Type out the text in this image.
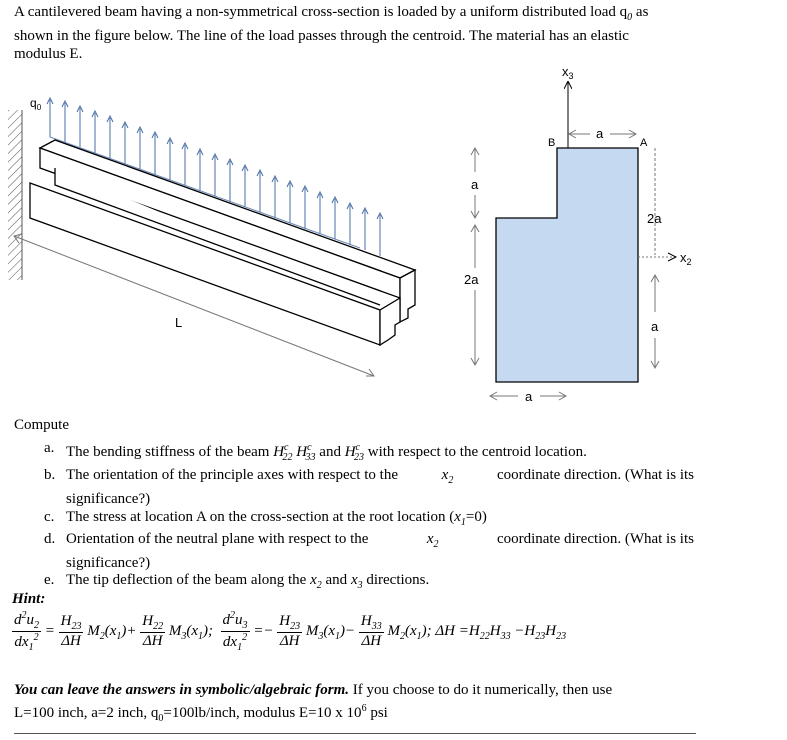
A cantilevered beam having a non-symmetrical cross-section is loaded by a uniform distributed load $q_0$ as
shown in the figure below. The line of the load passes through the centroid. The material has an elastic
modulus E.
$q_0$
L
a
2a
a
a
2a
a
$x_3$
$x_2$
A
B
Compute
a. The bending stiffness of the beam $H^c_{22}$ $H^c_{33}$ and $H^c_{23}$ with respect to the centroid location.
b. The orientation of the principle axes with respect to the	$x_2$	coordinate direction. (What is its
significance?)
c. The stress at location A on the cross-section at the root location $(x_1=0)$
d. Orientation of the neutral plane with respect to the	$x_2$	coordinate direction. (What is its
significance?)
e. The tip deflection of the beam along the $x_2$ and $x_3$ directions.
Hint:
$\frac{d^2u_2}{dx_1^2} = \frac{H_{23}}{\Delta H} M_2(x_1)+ \frac{H_{22}}{\Delta H} M_3(x_1)$; $\frac{d^2u_3}{dx_1^2} =- \frac{H_{23}}{\Delta H} M_3(x_1)- \frac{H_{33}}{\Delta H} M_2(x_1)$; $\Delta H =H_{22}H_{33} -H_{23}H_{23}$
You can leave the answers in symbolic/algebraic form. If you choose to do it numerically, then use
L=100 inch, a=2 inch, $q_0=100lb$/inch, modulus E=10 x $10^6$ psi
